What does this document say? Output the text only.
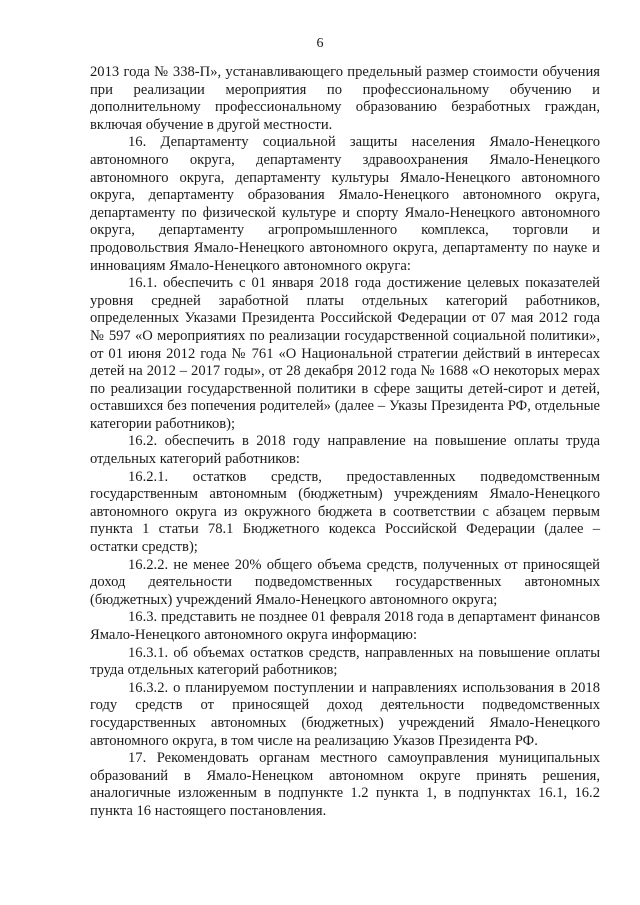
6

2013 года № 338-П», устанавливающего предельный размер стоимости обучения при реализации мероприятия по профессиональному обучению и дополнительному профессиональному образованию безработных граждан, включая обучение в другой местности.

16. Департаменту социальной защиты населения Ямало-Ненецкого автономного округа, департаменту здравоохранения Ямало-Ненецкого автономного округа, департаменту культуры Ямало-Ненецкого автономного округа, департаменту образования Ямало-Ненецкого автономного округа, департаменту по физической культуре и спорту Ямало-Ненецкого автономного округа, департаменту агропромышленного комплекса, торговли и продовольствия Ямало-Ненецкого автономного округа, департаменту по науке и инновациям Ямало-Ненецкого автономного округа:

16.1. обеспечить с 01 января 2018 года достижение целевых показателей уровня средней заработной платы отдельных категорий работников, определенных Указами Президента Российской Федерации от 07 мая 2012 года № 597 «О мероприятиях по реализации государственной социальной политики», от 01 июня 2012 года № 761 «О Национальной стратегии действий в интересах детей на 2012 – 2017 годы», от 28 декабря 2012 года № 1688 «О некоторых мерах по реализации государственной политики в сфере защиты детей-сирот и детей, оставшихся без попечения родителей» (далее – Указы Президента РФ, отдельные категории работников);

16.2. обеспечить в 2018 году направление на повышение оплаты труда отдельных категорий работников:

16.2.1. остатков средств, предоставленных подведомственным государственным автономным (бюджетным) учреждениям Ямало-Ненецкого автономного округа из окружного бюджета в соответствии с абзацем первым пункта 1 статьи 78.1 Бюджетного кодекса Российской Федерации (далее – остатки средств);

16.2.2. не менее 20% общего объема средств, полученных от приносящей доход деятельности подведомственных государственных автономных (бюджетных) учреждений Ямало-Ненецкого автономного округа;

16.3. представить не позднее 01 февраля 2018 года в департамент финансов Ямало-Ненецкого автономного округа информацию:

16.3.1. об объемах остатков средств, направленных на повышение оплаты труда отдельных категорий работников;

16.3.2. о планируемом поступлении и направлениях использования в 2018 году средств от приносящей доход деятельности подведомственных государственных автономных (бюджетных) учреждений Ямало-Ненецкого автономного округа, в том числе на реализацию Указов Президента РФ.

17. Рекомендовать органам местного самоуправления муниципальных образований в Ямало-Ненецком автономном округе принять решения, аналогичные изложенным в подпункте 1.2 пункта 1, в подпунктах 16.1, 16.2 пункта 16 настоящего постановления.
